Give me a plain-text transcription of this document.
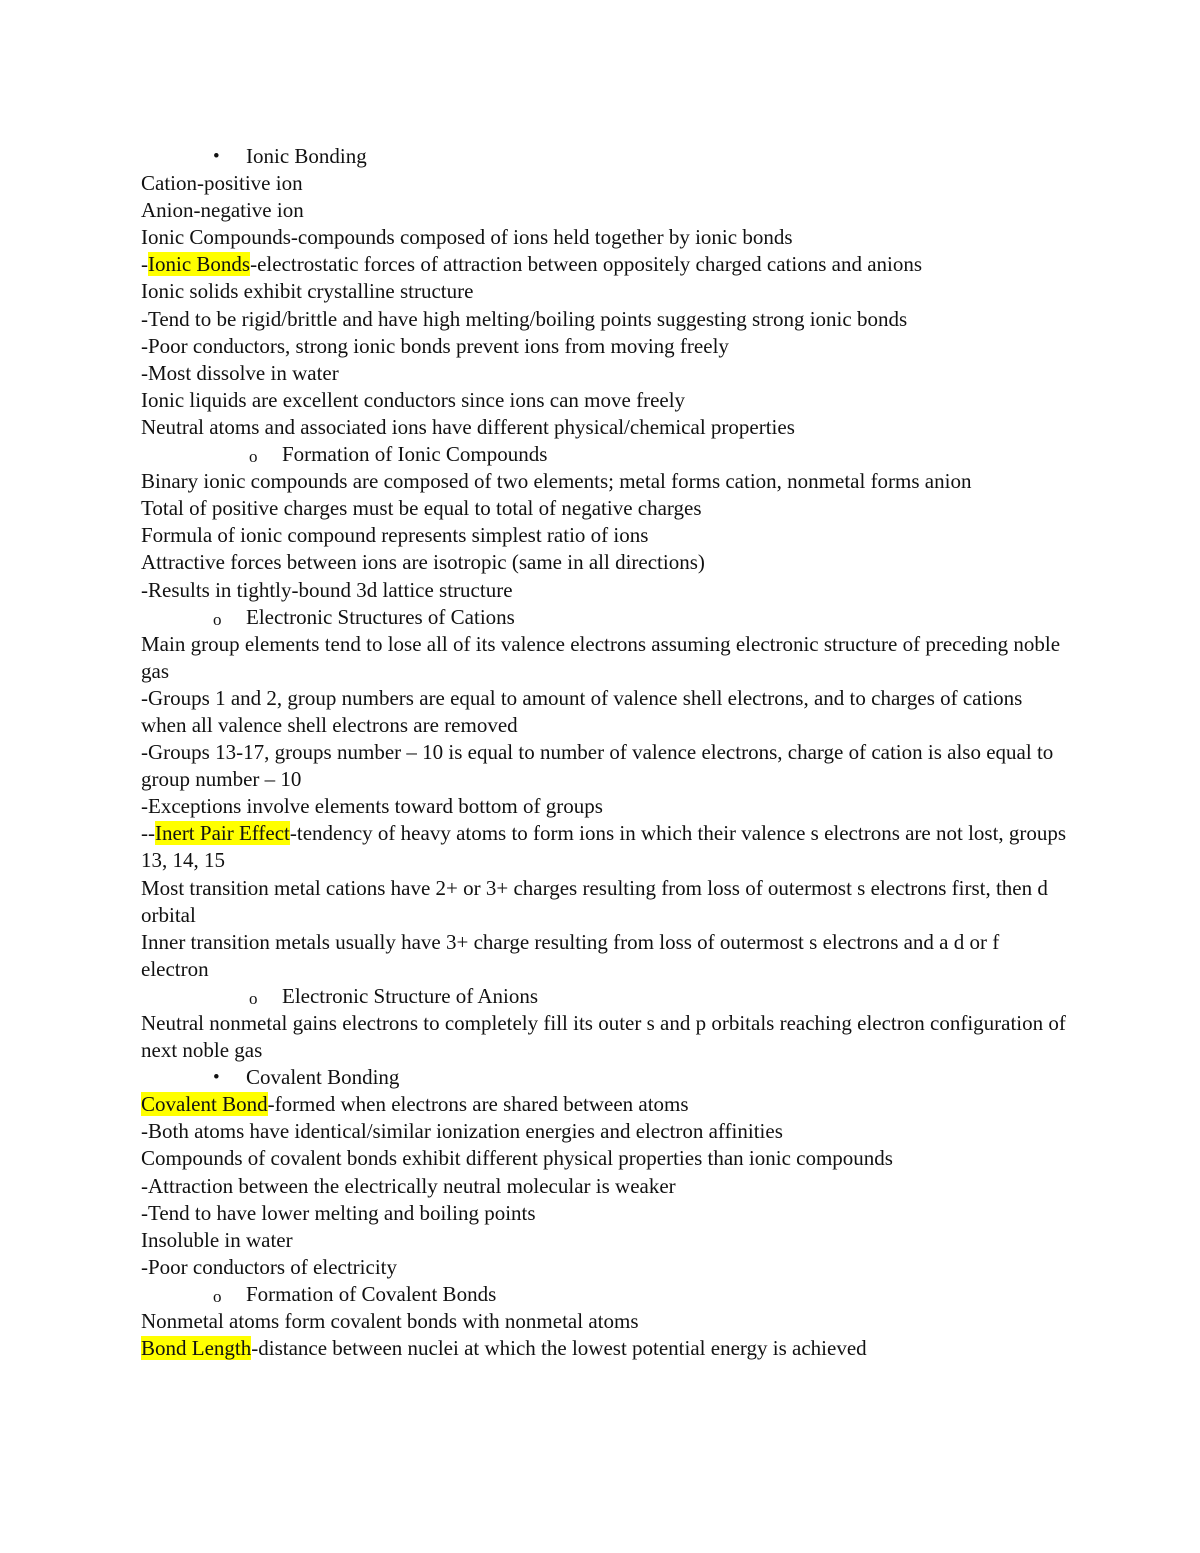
• Ionic Bonding
Cation-positive ion
Anion-negative ion
Ionic Compounds-compounds composed of ions held together by ionic bonds
-Ionic Bonds-electrostatic forces of attraction between oppositely charged cations and anions
Ionic solids exhibit crystalline structure
-Tend to be rigid/brittle and have high melting/boiling points suggesting strong ionic bonds
-Poor conductors, strong ionic bonds prevent ions from moving freely
-Most dissolve in water
Ionic liquids are excellent conductors since ions can move freely
Neutral atoms and associated ions have different physical/chemical properties
o Formation of Ionic Compounds
Binary ionic compounds are composed of two elements; metal forms cation, nonmetal forms anion
Total of positive charges must be equal to total of negative charges
Formula of ionic compound represents simplest ratio of ions
Attractive forces between ions are isotropic (same in all directions)
-Results in tightly-bound 3d lattice structure
o Electronic Structures of Cations
Main group elements tend to lose all of its valence electrons assuming electronic structure of preceding noble gas
-Groups 1 and 2, group numbers are equal to amount of valence shell electrons, and to charges of cations when all valence shell electrons are removed
-Groups 13-17, groups number – 10 is equal to number of valence electrons, charge of cation is also equal to group number – 10
-Exceptions involve elements toward bottom of groups
--Inert Pair Effect-tendency of heavy atoms to form ions in which their valence s electrons are not lost, groups 13, 14, 15
Most transition metal cations have 2+ or 3+ charges resulting from loss of outermost s electrons first, then d orbital
Inner transition metals usually have 3+ charge resulting from loss of outermost s electrons and a d or f electron
o Electronic Structure of Anions
Neutral nonmetal gains electrons to completely fill its outer s and p orbitals reaching electron configuration of next noble gas
• Covalent Bonding
Covalent Bond-formed when electrons are shared between atoms
-Both atoms have identical/similar ionization energies and electron affinities
Compounds of covalent bonds exhibit different physical properties than ionic compounds
-Attraction between the electrically neutral molecular is weaker
-Tend to have lower melting and boiling points
Insoluble in water
-Poor conductors of electricity
o Formation of Covalent Bonds
Nonmetal atoms form covalent bonds with nonmetal atoms
Bond Length-distance between nuclei at which the lowest potential energy is achieved
